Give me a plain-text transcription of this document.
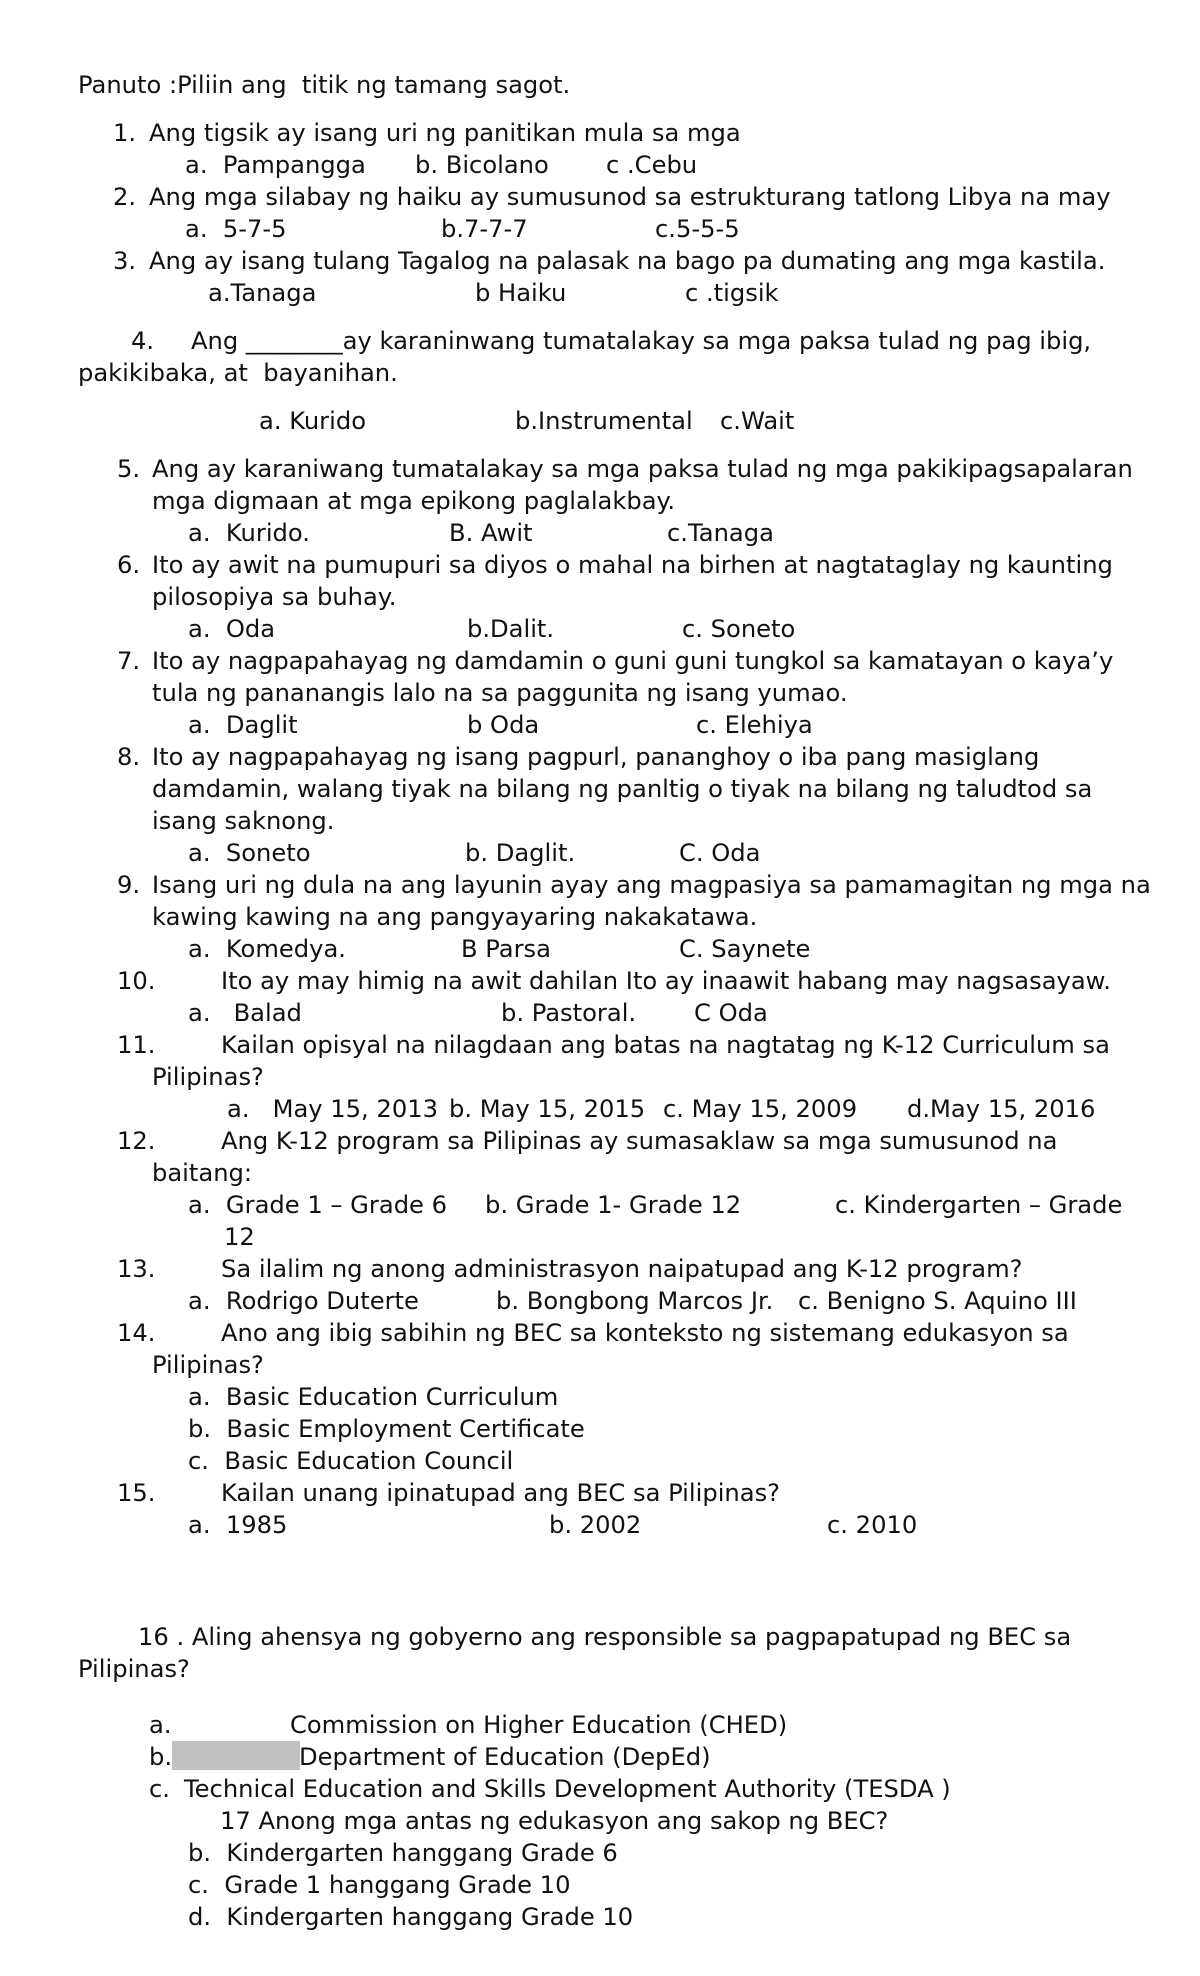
Panuto :Piliin ang  titik ng tamang sagot.
1. Ang tigsik ay isang uri ng panitikan mula sa mga
a.  Pampangga b. Bicolano c .Cebu
2. Ang mga silabay ng haiku ay sumusunod sa estrukturang tatlong Libya na may
a.  5-7-5	b.7-7-7	c.5-5-5
3. Ang ay isang tulang Tagalog na palasak na bago pa dumating ang mga kastila.
a.Tanaga	b Haiku	c .tigsik
4. Ang ________ay karaninwang tumatalakay sa mga paksa tulad ng pag ibig,
pakikibaka, at  bayanihan.
a. Kurido	b.Instrumental c.Wait
5. Ang ay karaniwang tumatalakay sa mga paksa tulad ng mga pakikipagsapalaran
mga digmaan at mga epikong paglalakbay.
a.  Kurido.	B. Awit	c.Tanaga
6. Ito ay awit na pumupuri sa diyos o mahal na birhen at nagtataglay ng kaunting
pilosopiya sa buhay.
a.  Oda	b.Dalit.	c. Soneto
7. Ito ay nagpapahayag ng damdamin o guni guni tungkol sa kamatayan o kaya’y
tula ng pananangis lalo na sa paggunita ng isang yumao.
a.  Daglit	b Oda	c. Elehiya
8. Ito ay nagpapahayag ng isang pagpurl, pananghoy o iba pang masiglang
damdamin, walang tiyak na bilang ng panltig o tiyak na bilang ng taludtod sa
isang saknong.
a.  Soneto	b. Daglit.	C. Oda
9. Isang uri ng dula na ang layunin ayay ang magpasiya sa pamamagitan ng mga na
kawing kawing na ang pangyayaring nakakatawa.
a.  Komedya.	B Parsa	C. Saynete
10.	Ito ay may himig na awit dahilan Ito ay inaawit habang may nagsasayaw.
a.   Balad	b. Pastoral. C Oda
11.	Kailan opisyal na nilagdaan ang batas na nagtatag ng K-12 Curriculum sa
Pilipinas?
a.   May 15, 2013 b. May 15, 2015 c. May 15, 2009 d.May 15, 2016
12.	Ang K-12 program sa Pilipinas ay sumasaklaw sa mga sumusunod na
baitang:
a.  Grade 1 – Grade 6 b. Grade 1- Grade 12	c. Kindergarten – Grade
12
13.	Sa ilalim ng anong administrasyon naipatupad ang K-12 program?
a.  Rodrigo Duterte	b. Bongbong Marcos Jr. c. Benigno S. Aquino III
14.	Ano ang ibig sabihin ng BEC sa konteksto ng sistemang edukasyon sa
Pilipinas?
a.  Basic Education Curriculum
b.  Basic Employment Certificate
c.  Basic Education Council
15.	Kailan unang ipinatupad ang BEC sa Pilipinas?
a.  1985	b. 2002	c. 2010
16 . Aling ahensya ng gobyerno ang responsible sa pagpapatupad ng BEC sa
Pilipinas?
a.	Commission on Higher Education (CHED)
b.	Department of Education (DepEd)
c. Technical Education and Skills Development Authority (TESDA )
17 Anong mga antas ng edukasyon ang sakop ng BEC?
b.  Kindergarten hanggang Grade 6
c.  Grade 1 hanggang Grade 10
d.  Kindergarten hanggang Grade 10
